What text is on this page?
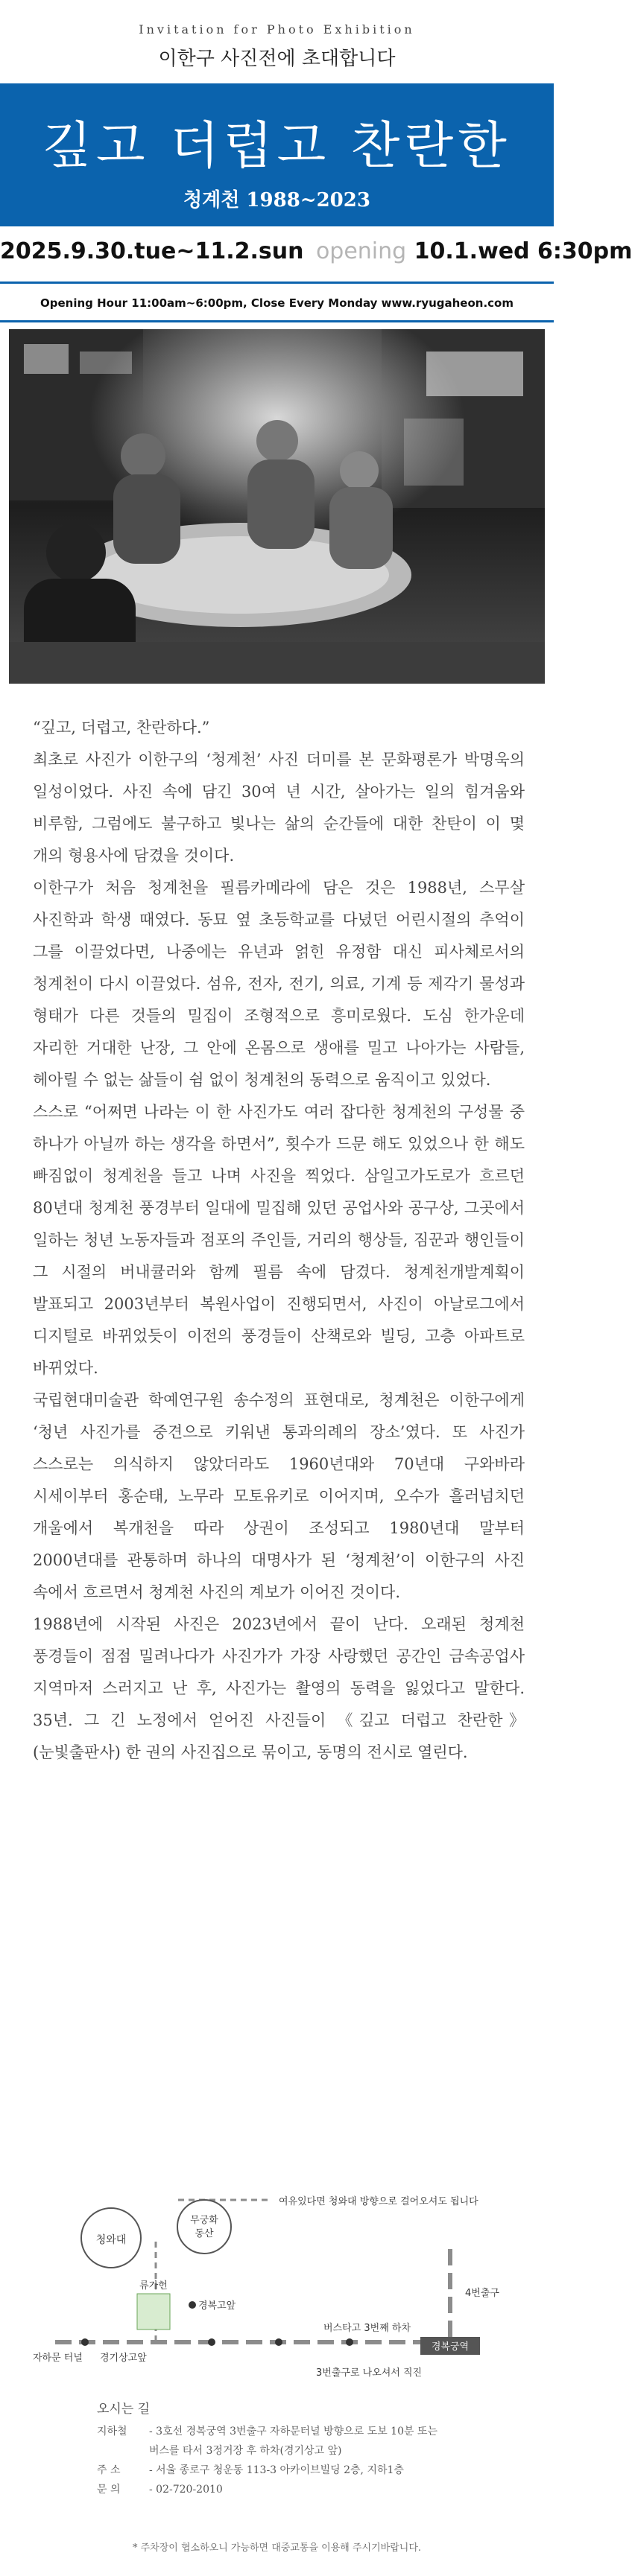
Invitation for Photo Exhibition
이한구 사진전에 초대합니다
깊고 더럽고 찬란한
청계천 1988~2023
2025.9.30.tue~11.2.sun opening 10.1.wed 6:30pm
Opening Hour 11:00am~6:00pm, Close Every Monday www.ryugaheon.com

“깊고, 더럽고, 찬란하다.”

최초로 사진가 이한구의 ‘청계천’ 사진 더미를 본 문화평론가 박명욱의 일성이었다. 사진 속에 담긴 30여 년 시간, 살아가는 일의 힘겨움와 비루함, 그럼에도 불구하고 빛나는 삶의 순간들에 대한 찬탄이 이 몇 개의 형용사에 담겼을 것이다.

이한구가 처음 청계천을 필름카메라에 담은 것은 1988년, 스무살 사진학과 학생 때였다. 동묘 옆 초등학교를 다녔던 어린시절의 추억이 그를 이끌었다면, 나중에는 유년과 얽힌 유정함 대신 피사체로서의 청계천이 다시 이끌었다. 섬유, 전자, 전기, 의료, 기계 등 제각기 물성과 형태가 다른 것들의 밀집이 조형적으로 흥미로웠다. 도심 한가운데 자리한 거대한 난장, 그 안에 온몸으로 생애를 밀고 나아가는 사람들, 헤아릴 수 없는 삶들이 쉼 없이 청계천의 동력으로 움직이고 있었다.

스스로 “어쩌면 나라는 이 한 사진가도 여러 잡다한 청계천의 구성물 중 하나가 아닐까 하는 생각을 하면서”, 횟수가 드문 해도 있었으나 한 해도 빠짐없이 청계천을 들고 나며 사진을 찍었다. 삼일고가도로가 흐르던 80년대 청계천 풍경부터 일대에 밀집해 있던 공업사와 공구상, 그곳에서 일하는 청년 노동자들과 점포의 주인들, 거리의 행상들, 짐꾼과 행인들이 그 시절의 버내큘러와 함께 필름 속에 담겼다. 청계천개발계획이 발표되고 2003년부터 복원사업이 진행되면서, 사진이 아날로그에서 디지털로 바뀌었듯이 이전의 풍경들이 산책로와 빌딩, 고층 아파트로 바뀌었다.

국립현대미술관 학예연구원 송수정의 표현대로, 청계천은 이한구에게 ‘청년 사진가를 중견으로 키워낸 통과의례의 장소’였다. 또 사진가 스스로는 의식하지 않았더라도 1960년대와 70년대 구와바라 시세이부터 홍순태, 노무라 모토유키로 이어지며, 오수가 흘러넘치던 개울에서 복개천을 따라 상권이 조성되고 1980년대 말부터 2000년대를 관통하며 하나의 대명사가 된 ‘청계천’이 이한구의 사진 속에서 흐르면서 청계천 사진의 계보가 이어진 것이다.

1988년에 시작된 사진은 2023년에서 끝이 난다. 오래된 청계천 풍경들이 점점 밀려나다가 사진가가 가장 사랑했던 공간인 금속공업사 지역마저 스러지고 난 후, 사진가는 촬영의 동력을 잃었다고 말한다. 35년. 그 긴 노정에서 얻어진 사진들이 《깊고 더럽고 찬란한》(눈빛출판사) 한 권의 사진집으로 묶이고, 동명의 전시로 열린다.

청와대
무궁화
동산
여유있다면 청와대 방향으로 걸어오셔도 됩니다
류가헌
경복고앞
자하문 터널 경기상고앞
버스타고 3번째 하차
4번출구
경복궁역
3번출구로 나오셔서 직진
오시는 길
지하철	- 3호선 경복궁역 3번출구 자하문터널 방향으로 도보 10분 또는
버스를 타서 3정거장 후 하차(경기상고 앞)
주 소	- 서울 종로구 청운동 113-3 아카이브빌딩 2층, 지하1층
문 의	- 02-720-2010
* 주차장이 협소하오니 가능하면 대중교통을 이용해 주시기바랍니다.
